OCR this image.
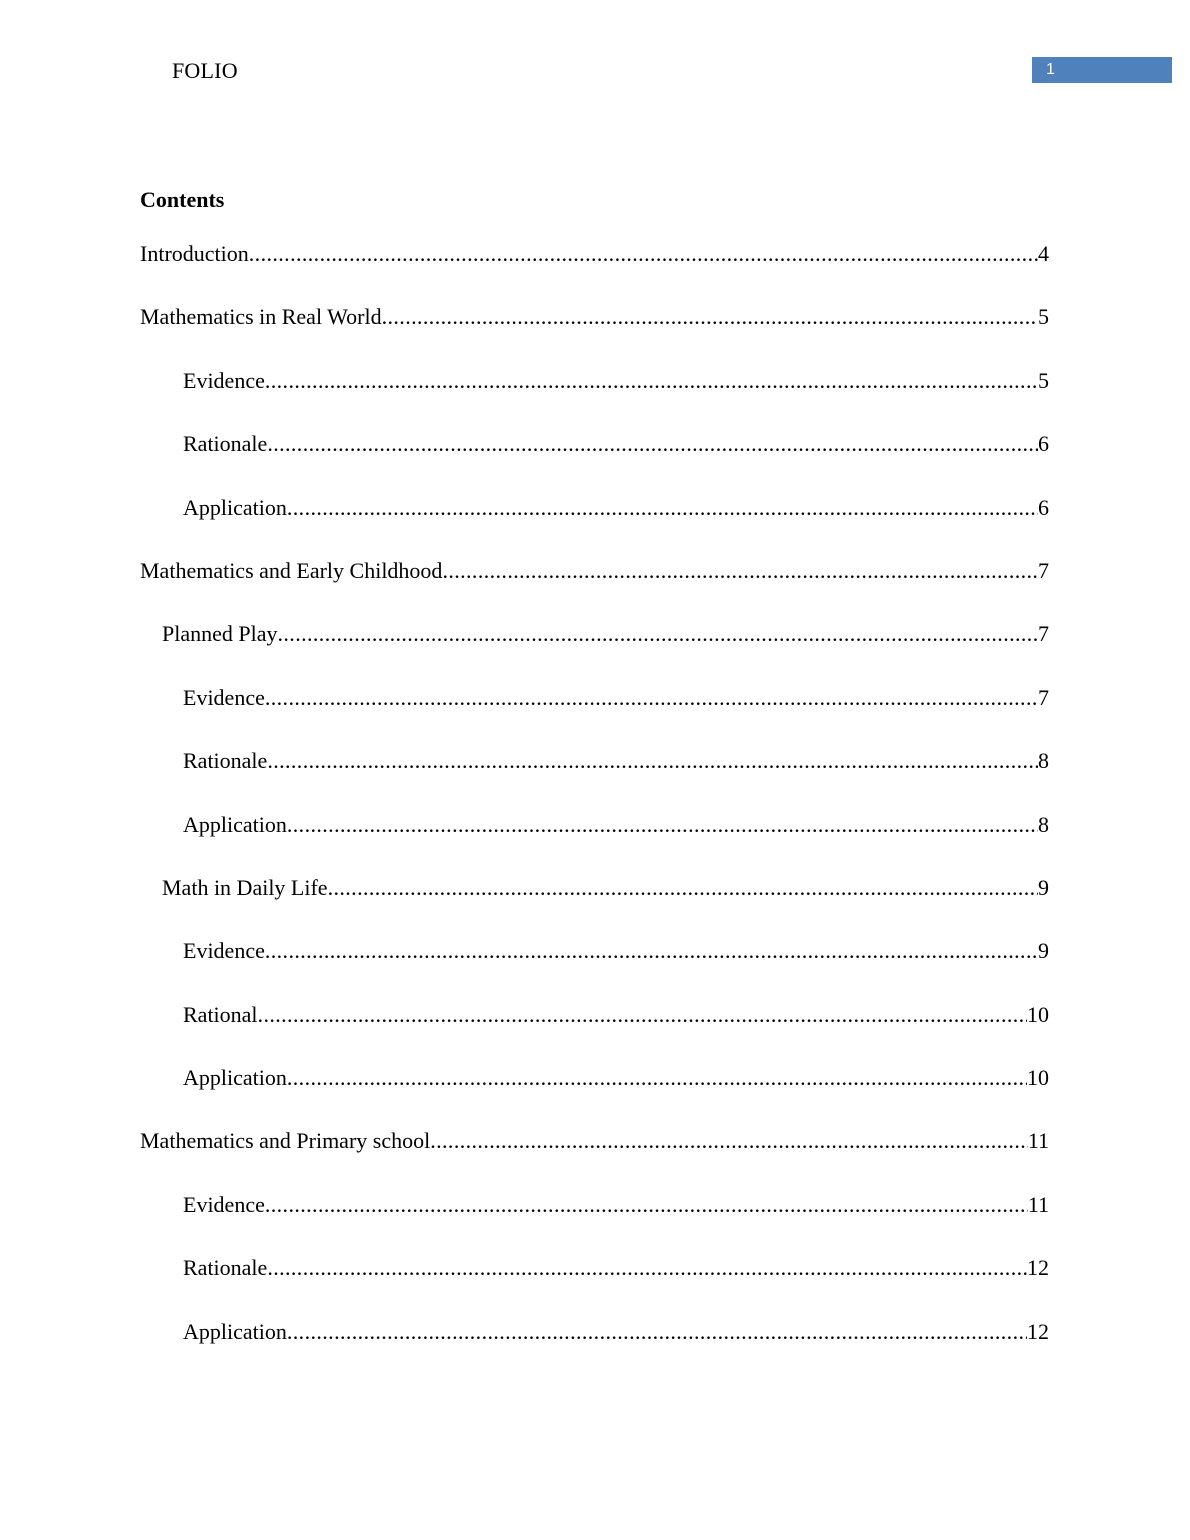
FOLIO	1
Contents
Introduction .....	4
Mathematics in Real World .....	5
Evidence .....	5
Rationale .....	6
Application .....	6
Mathematics and Early Childhood .....	7
Planned Play .....	7
Evidence .....	7
Rationale .....	8
Application .....	8
Math in Daily Life .....	9
Evidence .....	9
Rational .....	10
Application .....	10
Mathematics and Primary school .....	11
Evidence .....	11
Rationale .....	12
Application .....	12
